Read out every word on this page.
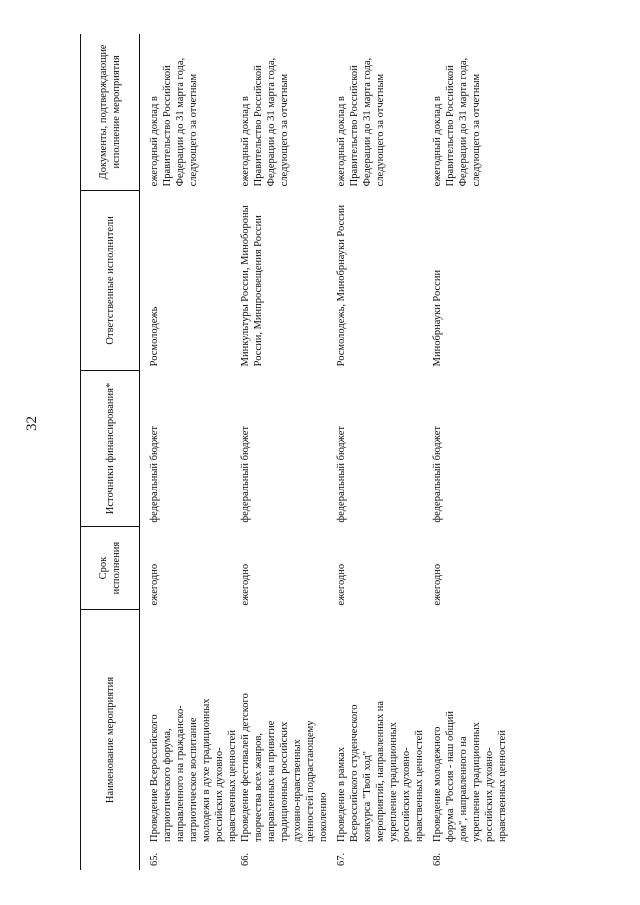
32
Наименование мероприятия	Срок исполнения	Источники финансирования*	Ответственные исполнители	Документы, подтверждающие исполнение мероприятия
65.Проведение Всероссийского патриотического форума, направленного на гражданско-патриотическое воспитание молодежи в духе традиционных российских духовно-нравственных ценностей	ежегодно	федеральный бюджет	Росмолодежь	ежегодный доклад в Правительство Российской Федерации до 31 марта года, следующего за отчетным
66.Проведение фестивалей детского творчества всех жанров, направленных на привитие традиционных российских духовно-нравственных ценностей подрастающему поколению	ежегодно	федеральный бюджет	Минкультуры России, Минобороны России, Минпросвещения России	ежегодный доклад в Правительство Российской Федерации до 31 марта года, следующего за отчетным
67.Проведение в рамках Всероссийского студенческого конкурса "Твой ход" мероприятий, направленных на укрепление традиционных российских духовно-нравственных ценностей	ежегодно	федеральный бюджет	Росмолодежь, Минобрнауки России	ежегодный доклад в Правительство Российской Федерации до 31 марта года, следующего за отчетным
68.Проведение молодежного форума "Россия - наш общий дом", направленного на укрепление традиционных российских духовно-нравственных ценностей	ежегодно	федеральный бюджет	Минобрнауки России	ежегодный доклад в Правительство Российской Федерации до 31 марта года, следующего за отчетным
